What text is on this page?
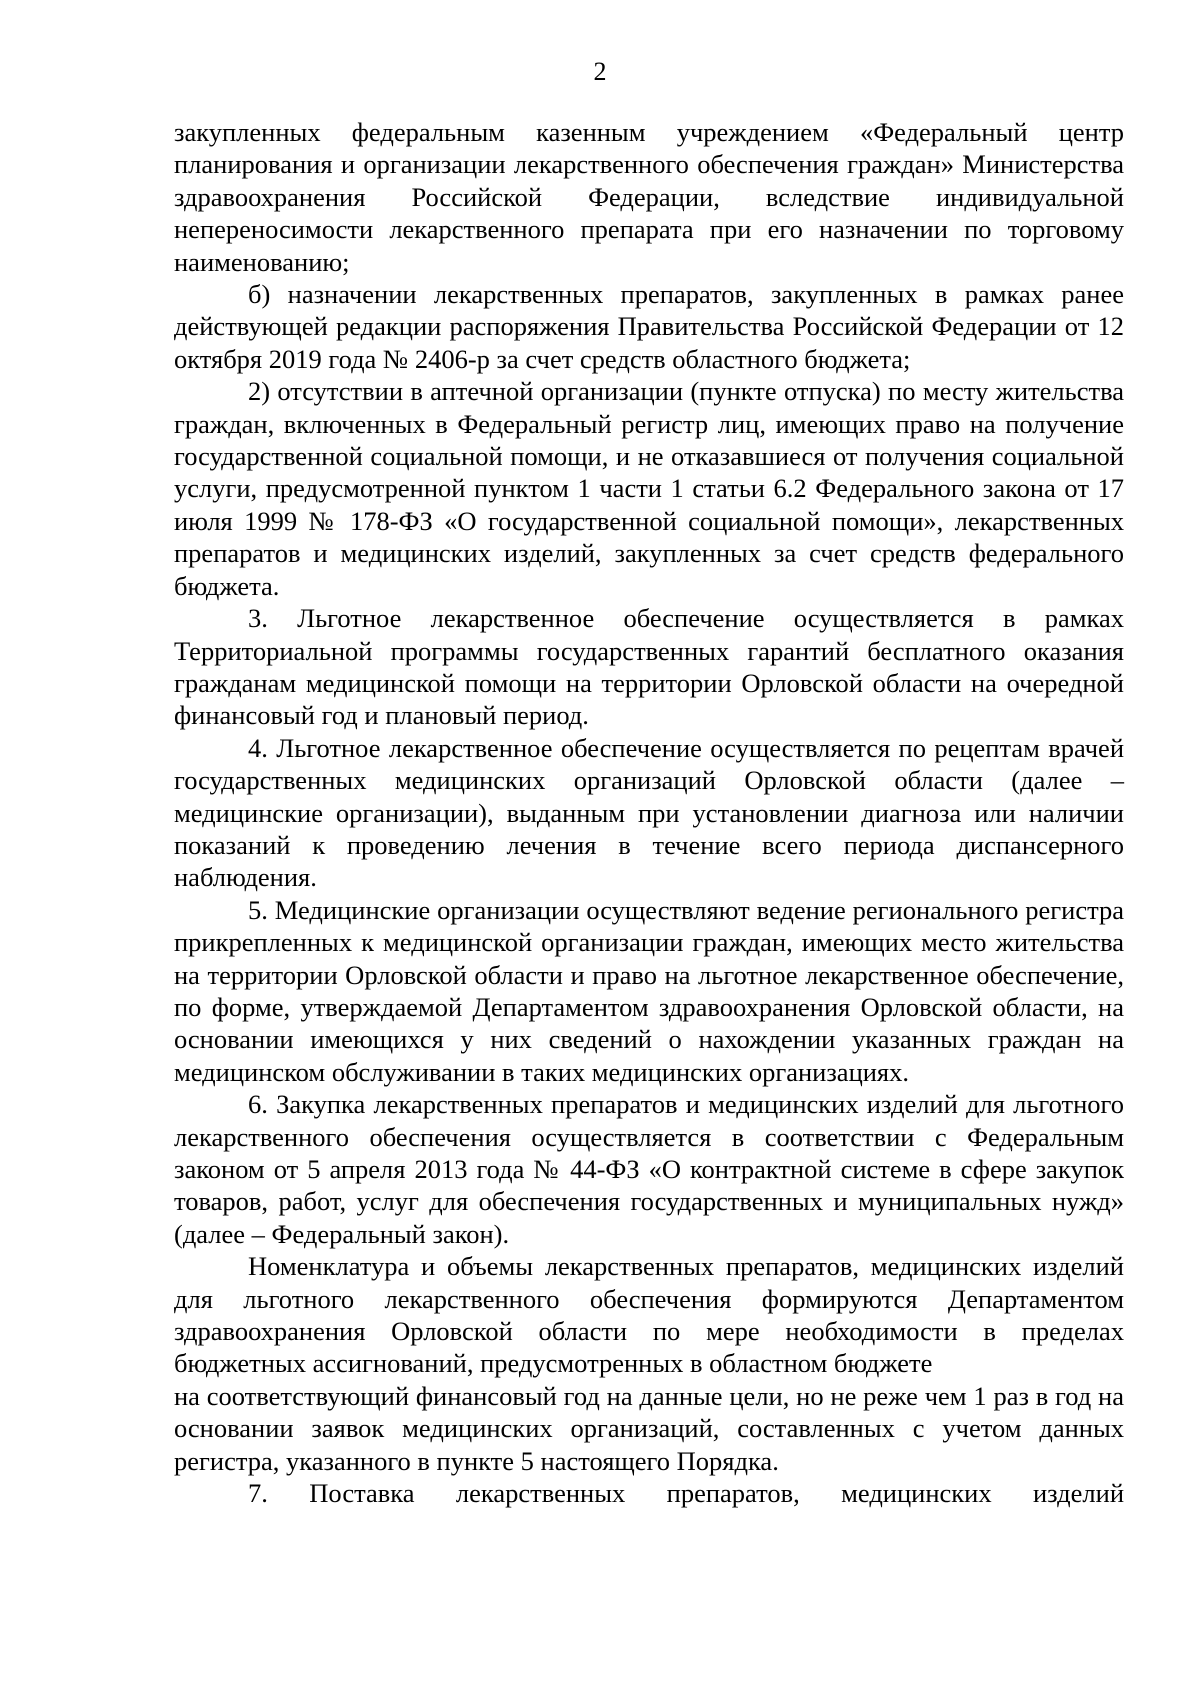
2

закупленных федеральным казенным учреждением «Федеральный центр планирования и организации лекарственного обеспечения граждан» Министерства здравоохранения Российской Федерации, вследствие индивидуальной непереносимости лекарственного препарата при его назначении по торговому наименованию;

б) назначении лекарственных препаратов, закупленных в рамках ранее действующей редакции распоряжения Правительства Российской Федерации от 12 октября 2019 года № 2406-р за счет средств областного бюджета;

2) отсутствии в аптечной организации (пункте отпуска) по месту жительства граждан, включенных в Федеральный регистр лиц, имеющих право на получение государственной социальной помощи, и не отказавшиеся от получения социальной услуги, предусмотренной пунктом 1 части 1 статьи 6.2 Федерального закона от 17 июля 1999 № 178-ФЗ «О государственной социальной помощи», лекарственных препаратов и медицинских изделий, закупленных за счет средств федерального бюджета.

3. Льготное лекарственное обеспечение осуществляется в рамках Территориальной программы государственных гарантий бесплатного оказания гражданам медицинской помощи на территории Орловской области на очередной финансовый год и плановый период.

4. Льготное лекарственное обеспечение осуществляется по рецептам врачей государственных медицинских организаций Орловской области (далее – медицинские организации), выданным при установлении диагноза или наличии показаний к проведению лечения в течение всего периода диспансерного наблюдения.

5. Медицинские организации осуществляют ведение регионального регистра прикрепленных к медицинской организации граждан, имеющих место жительства на территории Орловской области и право на льготное лекарственное обеспечение, по форме, утверждаемой Департаментом здравоохранения Орловской области, на основании имеющихся у них сведений о нахождении указанных граждан на медицинском обслуживании в таких медицинских организациях.

6. Закупка лекарственных препаратов и медицинских изделий для льготного лекарственного обеспечения осуществляется в соответствии с Федеральным законом от 5 апреля 2013 года № 44-ФЗ «О контрактной системе в сфере закупок товаров, работ, услуг для обеспечения государственных и муниципальных нужд» (далее – Федеральный закон).

Номенклатура и объемы лекарственных препаратов, медицинских изделий для льготного лекарственного обеспечения формируются Департаментом здравоохранения Орловской области по мере необходимости в пределах бюджетных ассигнований, предусмотренных в областном бюджете

на соответствующий финансовый год на данные цели, но не реже чем 1 раз в год на основании заявок медицинских организаций, составленных с учетом данных регистра, указанного в пункте 5 настоящего Порядка.

7. Поставка лекарственных препаратов, медицинских изделий
